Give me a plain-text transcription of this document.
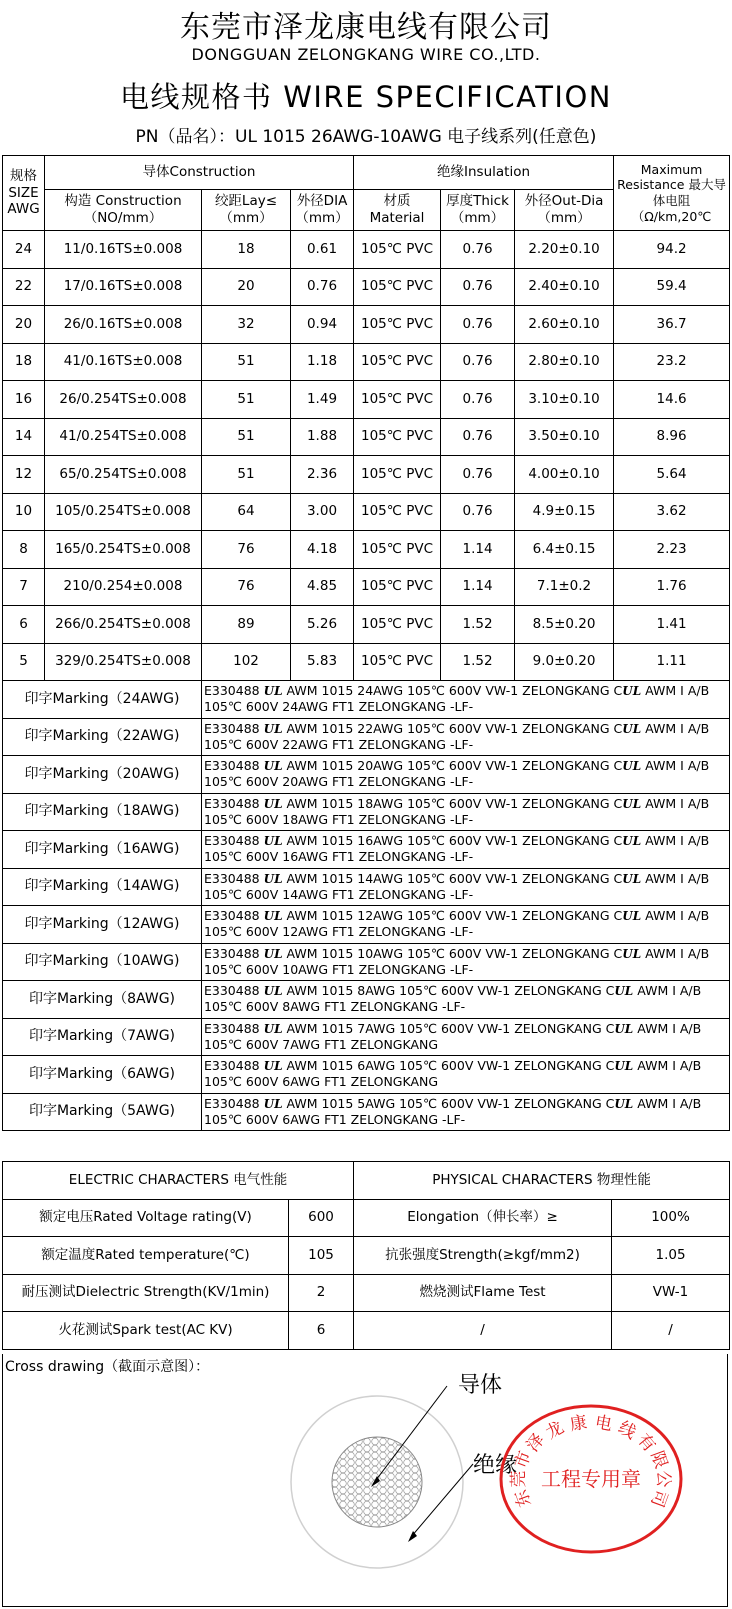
东莞市泽龙康电线有限公司
DONGGUAN ZELONGKANG WIRE CO.,LTD.
电线规格书 WIRE SPECIFICATION
PN（品名）：UL 1015 26AWG-10AWG 电子线系列(任意色)
规格 SIZE AWG	导体Construction			绝缘Insulation			Maximum Resistance 最大导体电阻（Ω/km,20℃
	构造 Construction（NO/mm）	绞距Lay≤（mm）	外径DIA（mm）	材质 Material	厚度Thick（mm）	外径Out-Dia（mm）	
24	11/0.16TS±0.008	18	0.61	105℃ PVC	0.76	2.20±0.10	94.2
22	17/0.16TS±0.008	20	0.76	105℃ PVC	0.76	2.40±0.10	59.4
20	26/0.16TS±0.008	32	0.94	105℃ PVC	0.76	2.60±0.10	36.7
18	41/0.16TS±0.008	51	1.18	105℃ PVC	0.76	2.80±0.10	23.2
16	26/0.254TS±0.008	51	1.49	105℃ PVC	0.76	3.10±0.10	14.6
14	41/0.254TS±0.008	51	1.88	105℃ PVC	0.76	3.50±0.10	8.96
12	65/0.254TS±0.008	51	2.36	105℃ PVC	0.76	4.00±0.10	5.64
10	105/0.254TS±0.008	64	3.00	105℃ PVC	0.76	4.9±0.15	3.62
8	165/0.254TS±0.008	76	4.18	105℃ PVC	1.14	6.4±0.15	2.23
7	210/0.254±0.008	76	4.85	105℃ PVC	1.14	7.1±0.2	1.76
6	266/0.254TS±0.008	89	5.26	105℃ PVC	1.52	8.5±0.20	1.41
5	329/0.254TS±0.008	102	5.83	105℃ PVC	1.52	9.0±0.20	1.11
印字Marking（24AWG)		E330488 UL AWM 1015 24AWG 105℃ 600V VW-1 ZELONGKANG CUL AWM I A/B 105℃ 600V 24AWG FT1 ZELONGKANG -LF-					
印字Marking（22AWG)		E330488 UL AWM 1015 22AWG 105℃ 600V VW-1 ZELONGKANG CUL AWM I A/B 105℃ 600V 22AWG FT1 ZELONGKANG -LF-					
印字Marking（20AWG)		E330488 UL AWM 1015 20AWG 105℃ 600V VW-1 ZELONGKANG CUL AWM I A/B 105℃ 600V 20AWG FT1 ZELONGKANG -LF-					
印字Marking（18AWG)		E330488 UL AWM 1015 18AWG 105℃ 600V VW-1 ZELONGKANG CUL AWM I A/B 105℃ 600V 18AWG FT1 ZELONGKANG -LF-					
印字Marking（16AWG)		E330488 UL AWM 1015 16AWG 105℃ 600V VW-1 ZELONGKANG CUL AWM I A/B 105℃ 600V 16AWG FT1 ZELONGKANG -LF-					
印字Marking（14AWG)		E330488 UL AWM 1015 14AWG 105℃ 600V VW-1 ZELONGKANG CUL AWM I A/B 105℃ 600V 14AWG FT1 ZELONGKANG -LF-					
印字Marking（12AWG)		E330488 UL AWM 1015 12AWG 105℃ 600V VW-1 ZELONGKANG CUL AWM I A/B 105℃ 600V 12AWG FT1 ZELONGKANG -LF-					
印字Marking（10AWG)		E330488 UL AWM 1015 10AWG 105℃ 600V VW-1 ZELONGKANG CUL AWM I A/B 105℃ 600V 10AWG FT1 ZELONGKANG -LF-					
印字Marking（8AWG)		E330488 UL AWM 1015 8AWG 105℃ 600V VW-1 ZELONGKANG CUL AWM I A/B 105℃ 600V 8AWG FT1 ZELONGKANG -LF-					
印字Marking（7AWG)		E330488 UL AWM 1015 7AWG 105℃ 600V VW-1 ZELONGKANG CUL AWM I A/B 105℃ 600V 7AWG FT1 ZELONGKANG					
印字Marking（6AWG)		E330488 UL AWM 1015 6AWG 105℃ 600V VW-1 ZELONGKANG CUL AWM I A/B 105℃ 600V 6AWG FT1 ZELONGKANG					
印字Marking（5AWG)		E330488 UL AWM 1015 5AWG 105℃ 600V VW-1 ZELONGKANG CUL AWM I A/B 105℃ 600V 6AWG FT1 ZELONGKANG -LF-					
ELECTRIC CHARACTERS 电气性能		PHYSICAL CHARACTERS 物理性能	
额定电压Rated Voltage rating(V)	600	Elongation（伸长率）≥	100%
额定温度Rated temperature(℃)	105	抗张强度Strength(≥kgf/mm2)	1.05
耐压测试Dielectric Strength(KV/1min)	2	燃烧测试Flame Test	VW-1
火花测试Spark test(AC KV)	6	/	/
Cross drawing（截面示意图）：
导体
绝缘
工程专用章
东
莞
市
泽
龙 康 电 线
有
限
公
司
